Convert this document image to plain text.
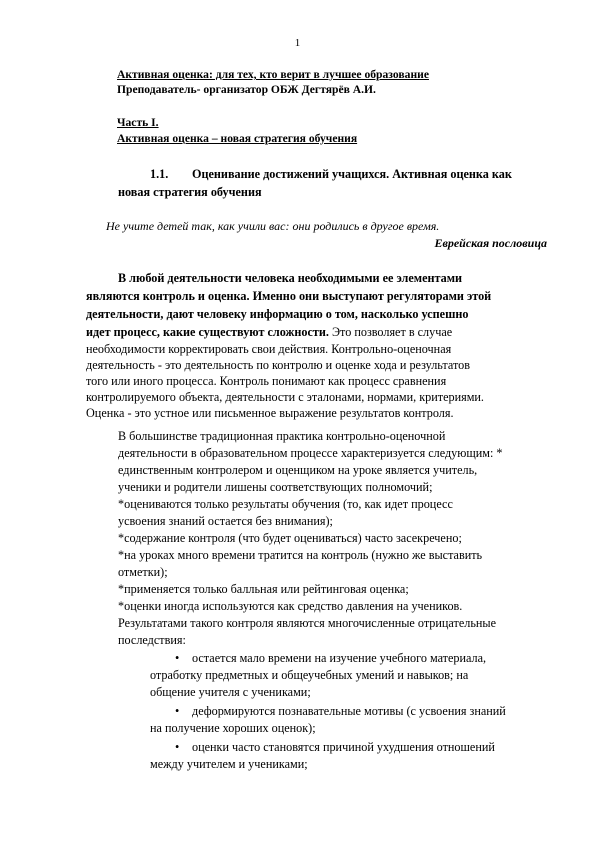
1
Активная оценка: для тех, кто верит в лучшее образование
Преподаватель- организатор ОБЖ Дегтярёв А.И.
Часть I.
Активная оценка – новая стратегия обучения
1.1. Оценивание достижений учащихся. Активная оценка как
новая стратегия обучения
Не учите детей так, как учили вас: они родились в другое время.
Еврейская пословица
В любой деятельности человека необходимыми ее элементами
являются контроль и оценка. Именно они выступают регуляторами этой
деятельности, дают человеку информацию о том, насколько успешно
идет процесс, какие существуют сложности. Это позволяет в случае
необходимости корректировать свои действия. Контрольно-оценочная
деятельность - это деятельность по контролю и оценке хода и результатов
того или иного процесса. Контроль понимают как процесс сравнения
контролируемого объекта, деятельности с эталонами, нормами, критериями.
Оценка - это устное или письменное выражение результатов контроля.
В большинстве традиционная практика контрольно-оценочной
деятельности в образовательном процессе характеризуется следующим: *
единственным контролером и оценщиком на уроке является учитель,
ученики и родители лишены соответствующих полномочий;
*оцениваются только результаты обучения (то, как идет процесс
усвоения знаний остается без внимания);
*содержание контроля (что будет оцениваться) часто засекречено;
*на уроках много времени тратится на контроль (нужно же выставить
отметки);
*применяется только балльная или рейтинговая оценка;
*оценки иногда используются как средство давления на учеников.
Результатами такого контроля являются многочисленные отрицательные
последствия:
• остается мало времени на изучение учебного материала,
отработку предметных и общеучебных умений и навыков; на
общение учителя с учениками;
• деформируются познавательные мотивы (с усвоения знаний
на получение хороших оценок);
• оценки часто становятся причиной ухудшения отношений
между учителем и учениками;
